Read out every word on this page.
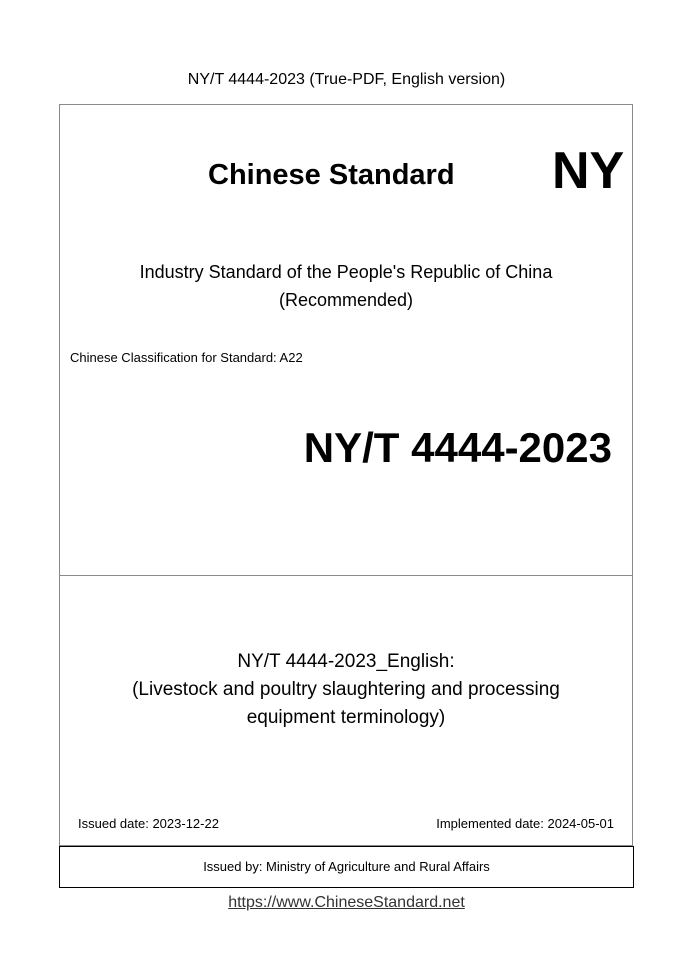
NY/T 4444-2023 (True-PDF, English version)
Chinese Standard NY
Industry Standard of the People's Republic of China
(Recommended)
Chinese Classification for Standard: A22
NY/T 4444-2023
NY/T 4444-2023_English:
(Livestock and poultry slaughtering and processing
equipment terminology)
Issued date: 2023-12-22	Implemented date: 2024-05-01
Issued by: Ministry of Agriculture and Rural Affairs
https://www.ChineseStandard.net
